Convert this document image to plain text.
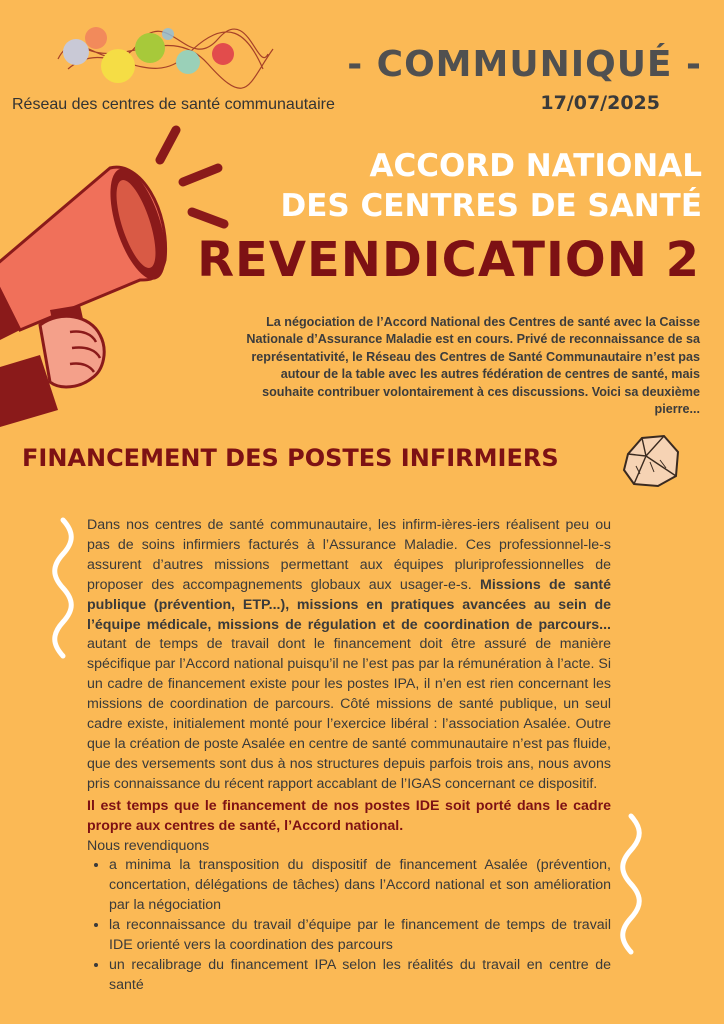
Réseau des centres de santé communautaire
- COMMUNIQUÉ -
17/07/2025
ACCORD NATIONAL
DES CENTRES DE SANTÉ
REVENDICATION 2
La négociation de l’Accord National des Centres de santé avec la Caisse Nationale d’Assurance Maladie est en cours. Privé de reconnaissance de sa représentativité, le Réseau des Centres de Santé Communautaire n’est pas autour de la table avec les autres fédération de centres de santé, mais souhaite contribuer volontairement à ces discussions. Voici sa deuxième pierre...
FINANCEMENT DES POSTES INFIRMIERS

Dans nos centres de santé communautaire, les infirm-ières-iers réalisent peu ou pas de soins infirmiers facturés à l’Assurance Maladie. Ces professionnel-le-s assurent d’autres missions permettant aux équipes pluriprofessionnelles de proposer des accompagnements globaux aux usager-e-s. Missions de santé publique (prévention, ETP...), missions en pratiques avancées au sein de l’équipe médicale, missions de régulation et de coordination de parcours... autant de temps de travail dont le financement doit être assuré de manière spécifique par l’Accord national puisqu’il ne l’est pas par la rémunération à l’acte. Si un cadre de financement existe pour les postes IPA, il n’en est rien concernant les missions de coordination de parcours. Côté missions de santé publique, un seul cadre existe, initialement monté pour l’exercice libéral : l’association Asalée. Outre que la création de poste Asalée en centre de santé communautaire n’est pas fluide, que des versements sont dus à nos structures depuis parfois trois ans, nous avons pris connaissance du récent rapport accablant de l’IGAS concernant ce dispositif.

Il est temps que le financement de nos postes IDE soit porté dans le cadre propre aux centres de santé, l’Accord national.

Nous revendiquons

• a minima la transposition du dispositif de financement Asalée (prévention, concertation, délégations de tâches) dans l’Accord national et son amélioration par la négociation
• la reconnaissance du travail d’équipe par le financement de temps de travail IDE orienté vers la coordination des parcours
• un recalibrage du financement IPA selon les réalités du travail en centre de santé
